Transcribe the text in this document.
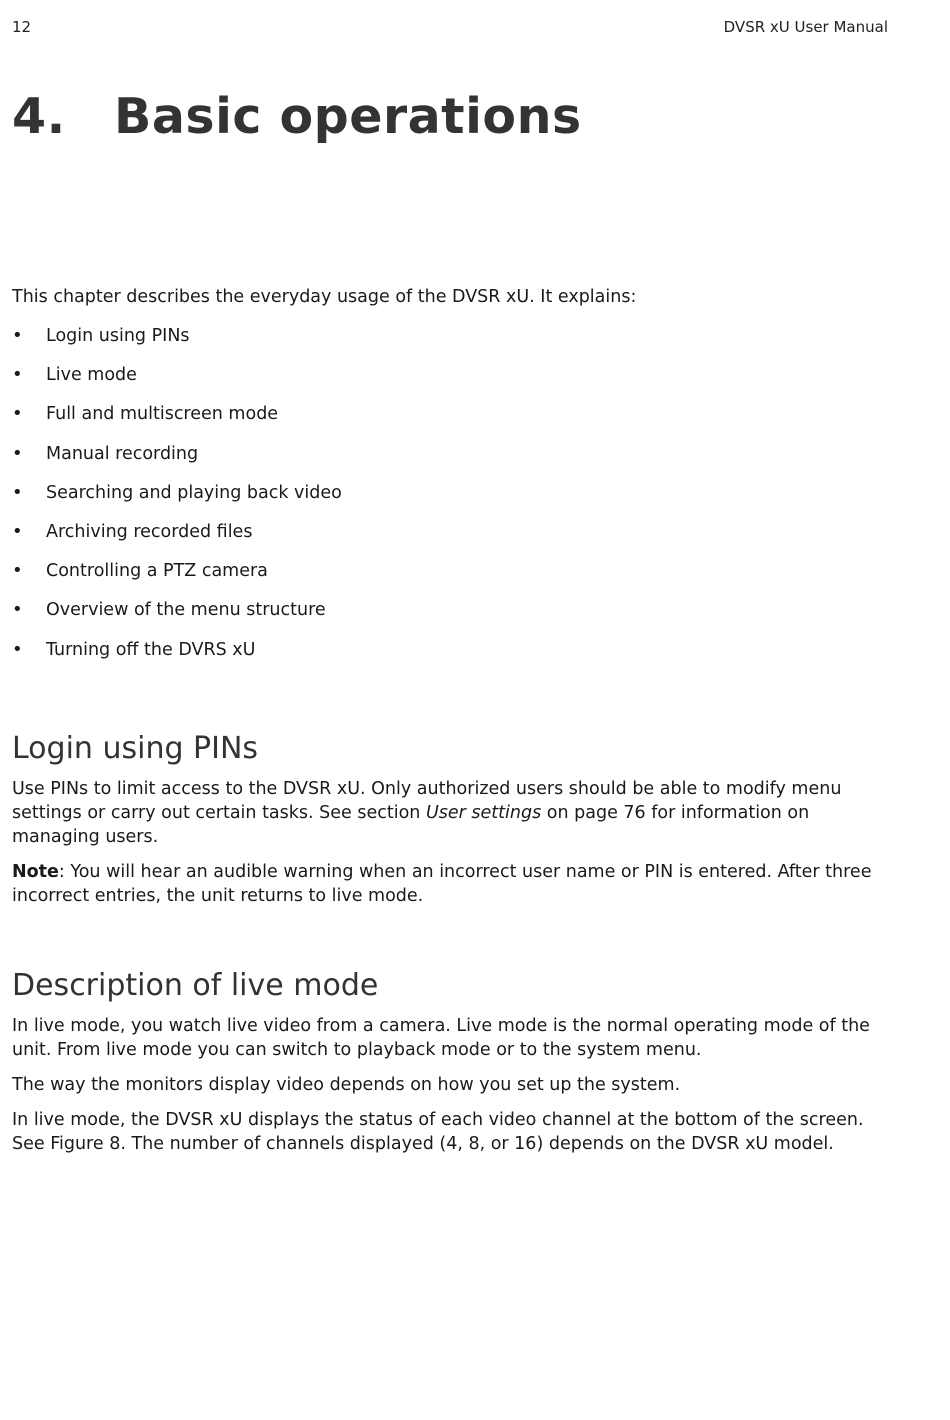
12	DVSR xU User Manual
4. Basic operations

This chapter describes the everyday usage of the DVSR xU. It explains:

•	Login using PINs
•	Live mode
•	Full and multiscreen mode
•	Manual recording
•	Searching and playing back video
•	Archiving recorded files
•	Controlling a PTZ camera
•	Overview of the menu structure
•	Turning off the DVRS xU
Login using PINs

Use PINs to limit access to the DVSR xU. Only authorized users should be able to modify menu settings or carry out certain tasks. See section User settings on page 76 for information on managing users.

Note: You will hear an audible warning when an incorrect user name or PIN is entered. After three incorrect entries, the unit returns to live mode.

Description of live mode

In live mode, you watch live video from a camera. Live mode is the normal operating mode of the unit. From live mode you can switch to playback mode or to the system menu.

The way the monitors display video depends on how you set up the system.

In live mode, the DVSR xU displays the status of each video channel at the bottom of the screen. See Figure 8. The number of channels displayed (4, 8, or 16) depends on the DVSR xU model.
